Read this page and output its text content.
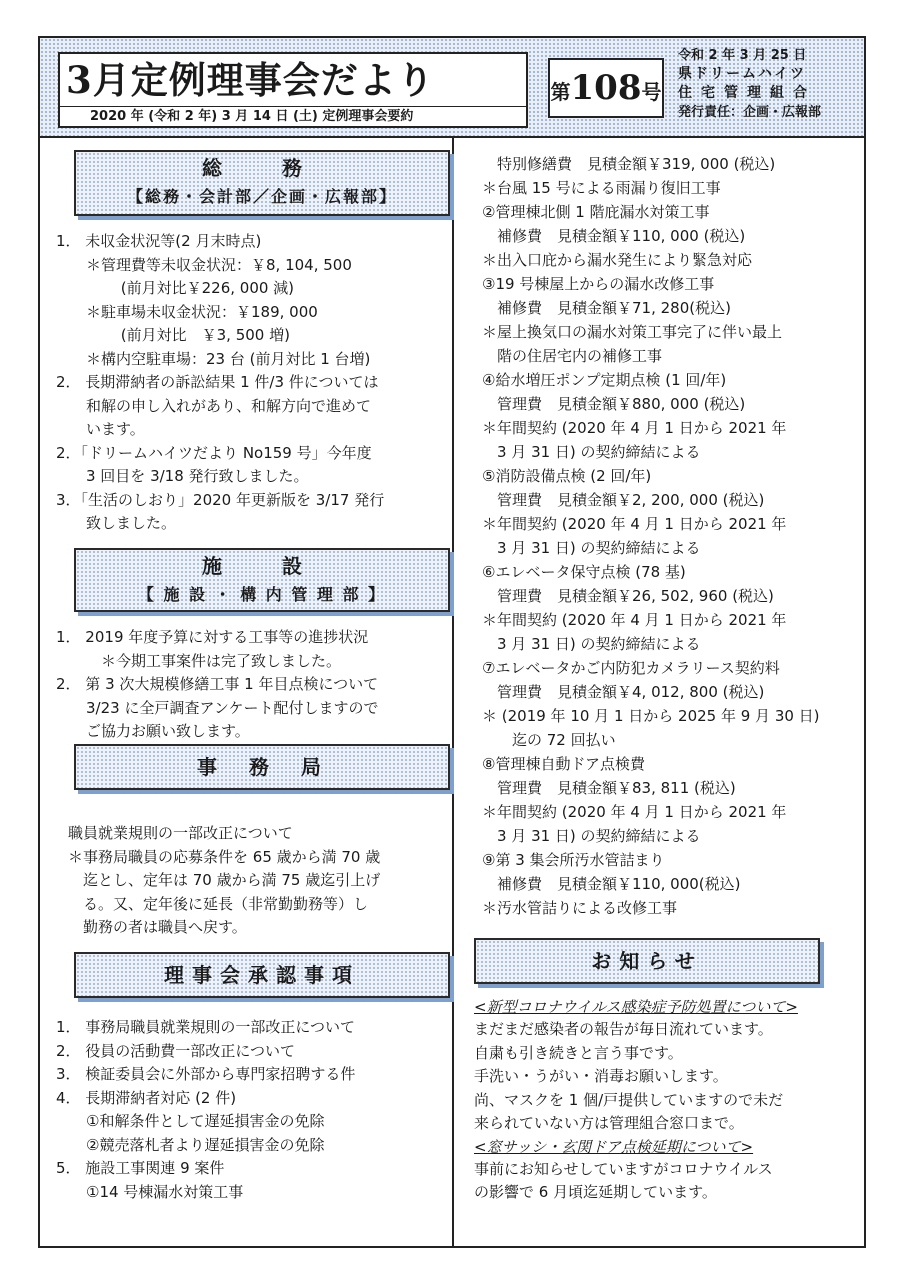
3月定例理事会だより
2020 年 (令和 2 年) 3 月 14 日 (土) 定例理事会要約
第108号
令和 2 年 3 月 25 日
県ドリームハイツ
住宅管理組合
発行責任：企画・広報部
総　務
【総務・会計部／企画・広報部】
1． 未収金状況等(2 月末時点)
　　＊管理費等未収金状況：￥8, 104, 500
　　　　 (前月対比￥226, 000 減)
　　＊駐車場未収金状況：￥189, 000
　　　　 (前月対比　￥3, 500 増)
　　＊構内空駐車場：23 台 (前月対比 1 台増)
2． 長期滞納者の訴訟結果 1 件/3 件については
　　和解の申し入れがあり、和解方向で進めて
　　います。
2．「ドリームハイツだより No159 号」今年度
　　3 回目を 3/18 発行致しました。
3．「生活のしおり」2020 年更新版を 3/17 発行
　　致しました。
施　設
【 施 設 ・ 構 内 管 理 部 】
1． 2019 年度予算に対する工事等の進捗状況
　　　＊今期工事案件は完了致しました。
2． 第 3 次大規模修繕工事 1 年目点検について
　　3/23 に全戸調査アンケート配付しますので
　　ご協力お願い致します。
事　務　局
職員就業規則の一部改正について
＊事務局職員の応募条件を 65 歳から満 70 歳
　迄とし、定年は 70 歳から満 75 歳迄引上げ
　る。又、定年後に延長（非常勤勤務等）し
　勤務の者は職員へ戻す。
理事会承認事項
1． 事務局職員就業規則の一部改正について
2． 役員の活動費一部改正について
3． 検証委員会に外部から専門家招聘する件
4． 長期滞納者対応 (2 件)
　　①和解条件として遅延損害金の免除
　　②競売落札者より遅延損害金の免除
5． 施設工事関連 9 案件
　　①14 号棟漏水対策工事
　特別修繕費　見積金額￥319, 000 (税込)
＊台風 15 号による雨漏り復旧工事
②管理棟北側 1 階庇漏水対策工事
　補修費　見積金額￥110, 000 (税込)
＊出入口庇から漏水発生により緊急対応
③19 号棟屋上からの漏水改修工事
　補修費　見積金額￥71, 280(税込)
＊屋上換気口の漏水対策工事完了に伴い最上
　階の住居宅内の補修工事
④給水増圧ポンプ定期点検 (1 回/年)
　管理費　見積金額￥880, 000 (税込)
＊年間契約 (2020 年 4 月 1 日から 2021 年
　3 月 31 日) の契約締結による
⑤消防設備点検 (2 回/年)
　管理費　見積金額￥2, 200, 000 (税込)
＊年間契約 (2020 年 4 月 1 日から 2021 年
　3 月 31 日) の契約締結による
⑥エレベータ保守点検 (78 基)
　管理費　見積金額￥26, 502, 960 (税込)
＊年間契約 (2020 年 4 月 1 日から 2021 年
　3 月 31 日) の契約締結による
⑦エレベータかご内防犯カメラリース契約料
　管理費　見積金額￥4, 012, 800 (税込)
＊ (2019 年 10 月 1 日から 2025 年 9 月 30 日)
　　迄の 72 回払い
⑧管理棟自動ドア点検費
　管理費　見積金額￥83, 811 (税込)
＊年間契約 (2020 年 4 月 1 日から 2021 年
　3 月 31 日) の契約締結による
⑨第 3 集会所汚水管詰まり
　補修費　見積金額￥110, 000(税込)
＊汚水管詰りによる改修工事
お知らせ
<新型コロナウイルス感染症予防処置について>
まだまだ感染者の報告が毎日流れています。
自粛も引き続きと言う事です。
手洗い・うがい・消毒お願いします。
尚、マスクを 1 個/戸提供していますので未だ
来られていない方は管理組合窓口まで。
<窓サッシ・玄関ドア点検延期について>
事前にお知らせしていますがコロナウイルス
の影響で 6 月頃迄延期しています。
